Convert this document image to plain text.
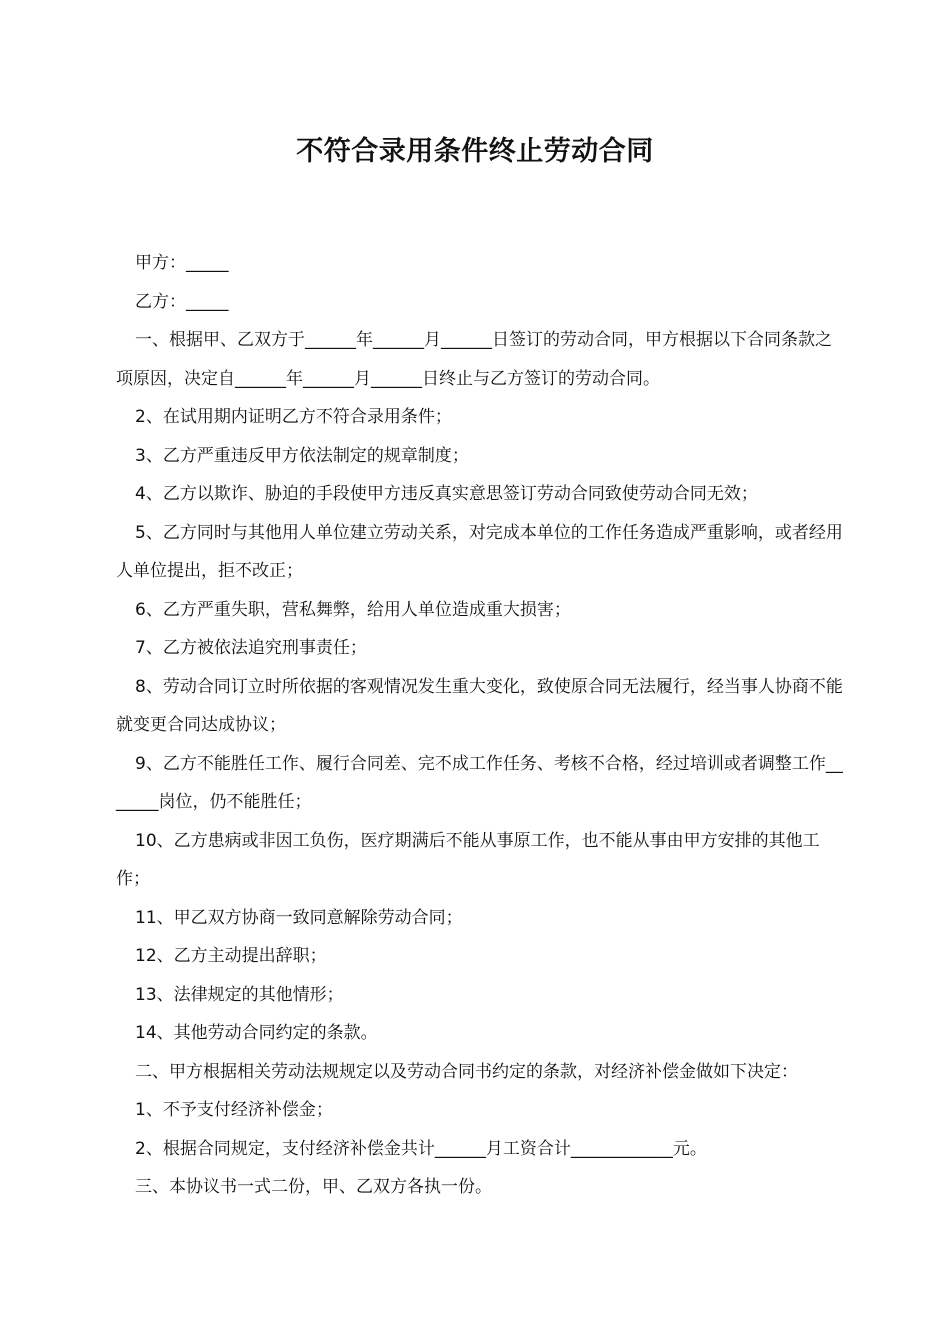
不符合录用条件终止劳动合同

甲方：_____

乙方：_____

一、根据甲、乙双方于______年______月______日签订的劳动合同，甲方根据以下合同条款之项原因，决定自______年______月______日终止与乙方签订的劳动合同。

2、在试用期内证明乙方不符合录用条件；

3、乙方严重违反甲方依法制定的规章制度；

4、乙方以欺诈、胁迫的手段使甲方违反真实意思签订劳动合同致使劳动合同无效；

5、乙方同时与其他用人单位建立劳动关系，对完成本单位的工作任务造成严重影响，或者经用人单位提出，拒不改正；

6、乙方严重失职，营私舞弊，给用人单位造成重大损害；

7、乙方被依法追究刑事责任；

8、劳动合同订立时所依据的客观情况发生重大变化，致使原合同无法履行，经当事人协商不能就变更合同达成协议；

9、乙方不能胜任工作、履行合同差、完不成工作任务、考核不合格，经过培训或者调整工作_______岗位，仍不能胜任；

10、乙方患病或非因工负伤，医疗期满后不能从事原工作，也不能从事由甲方安排的其他工作；

11、甲乙双方协商一致同意解除劳动合同；

12、乙方主动提出辞职；

13、法律规定的其他情形；

14、其他劳动合同约定的条款。

二、甲方根据相关劳动法规规定以及劳动合同书约定的条款，对经济补偿金做如下决定：

1、不予支付经济补偿金；

2、根据合同规定，支付经济补偿金共计______月工资合计____________元。

三、本协议书一式二份，甲、乙双方各执一份。
